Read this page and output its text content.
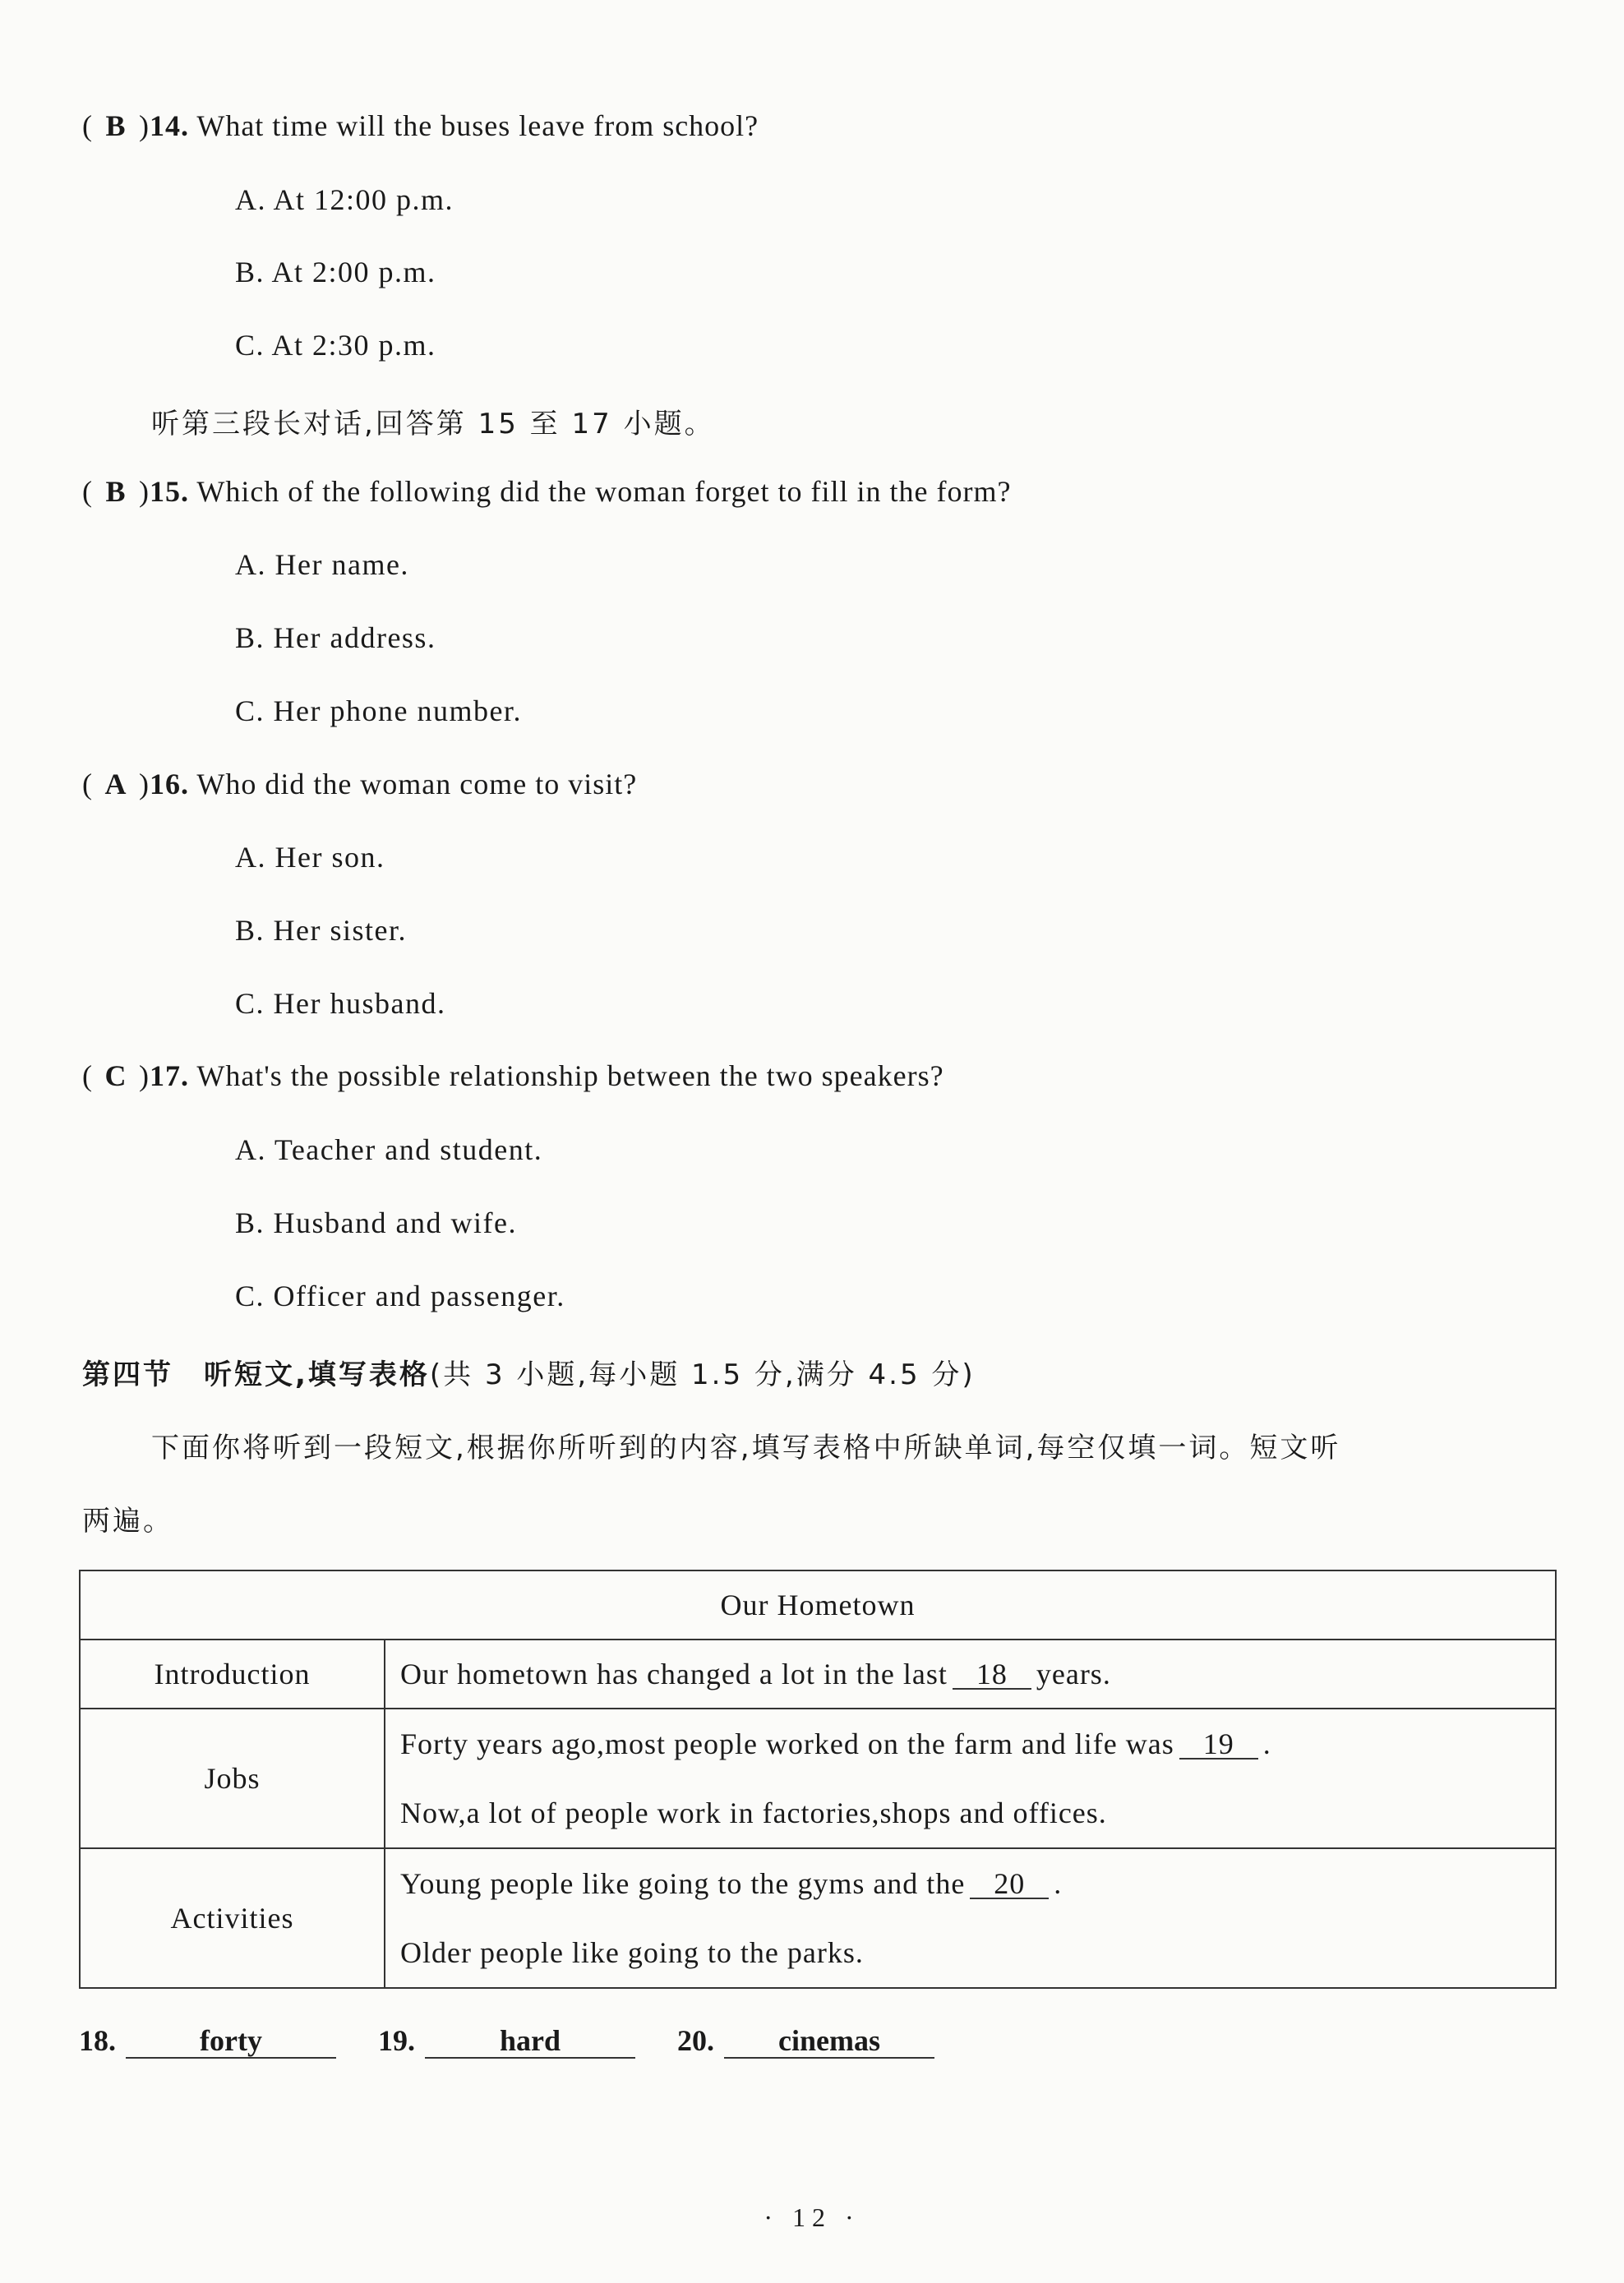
( B )14. What time will the buses leave from school?
A. At 12:00 p.m.
B. At 2:00 p.m.
C. At 2:30 p.m.
听第三段长对话,回答第 15 至 17 小题。
( B )15. Which of the following did the woman forget to fill in the form?
A. Her name.
B. Her address.
C. Her phone number.
( A )16. Who did the woman come to visit?
A. Her son.
B. Her sister.
C. Her husband.
( C )17. What's the possible relationship between the two speakers?
A. Teacher and student.
B. Husband and wife.
C. Officer and passenger.
第四节　听短文,填写表格(共 3 小题,每小题 1.5 分,满分 4.5 分)
下面你将听到一段短文,根据你所听到的内容,填写表格中所缺单词,每空仅填一词。短文听
两遍。
Our Hometown	
Introduction	Our hometown has changed a lot in the last 18 years.
Jobs	Forty years ago,most people worked on the farm and life was 19 .
Now,a lot of people work in factories,shops and offices.

Activities	Young people like going to the gyms and the 20 .
Older people like going to the parks.
18.	forty	19.	hard	20. cinemas
· 12 ·
